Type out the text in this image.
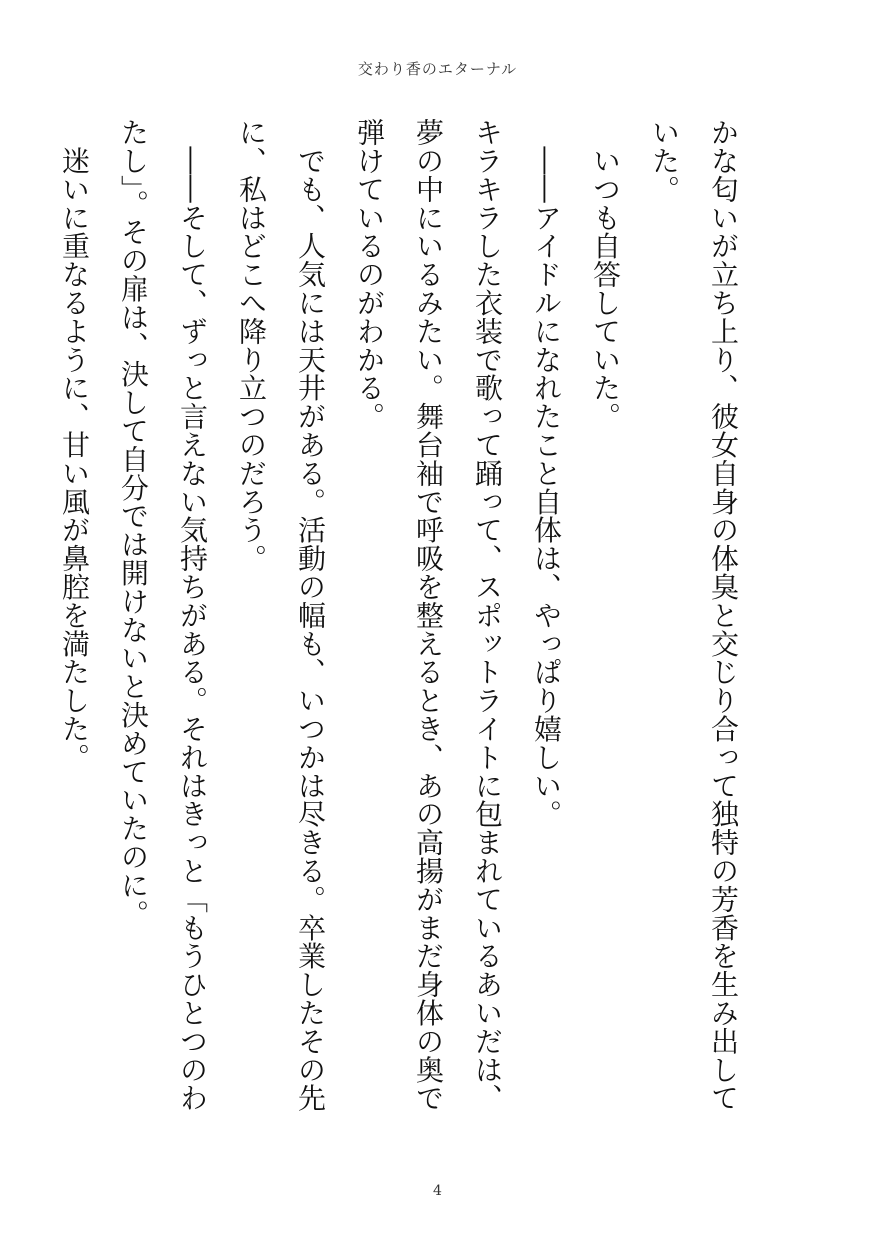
交わり香のエターナル

かな匂いが立ち上り、彼女自身の体臭と交じり合って独特の芳香を生み出していた。

　いつも自答していた。

　――アイドルになれたこと自体は、やっぱり嬉しい。

キラキラした衣装で歌って踊って、スポットライトに包まれているあいだは、夢の中にいるみたい。舞台袖で呼吸を整えるとき、あの高揚がまだ身体の奥で弾けているのがわかる。

　でも、人気には天井がある。活動の幅も、いつかは尽きる。卒業したその先に、私はどこへ降り立つのだろう。

　――そして、ずっと言えない気持ちがある。それはきっと「もうひとつのわたし」。その扉は、決して自分では開けないと決めていたのに。

　迷いに重なるように、甘い風が鼻腔を満たした。

4
